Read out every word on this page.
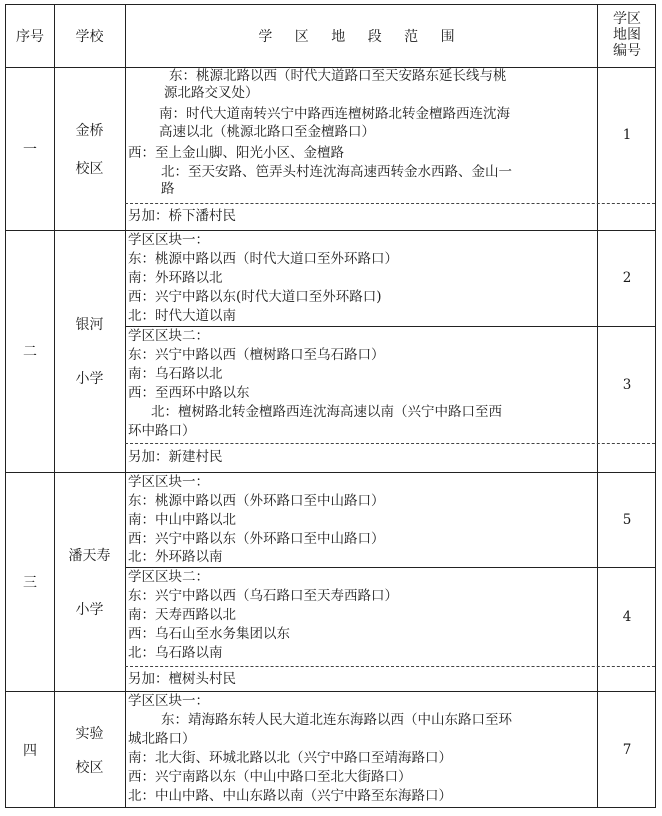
序号	学校	学 区 地 段 范 围
学区
地图
编号
一
金桥
校区
东：桃源北路以西（时代大道路口至天安路东延长线与桃
源北路交叉处）
南：时代大道南转兴宁中路西连檀树路北转金檀路西连沈海
高速以北（桃源北路口至金檀路口）
西：至上金山脚、阳光小区、金檀路
北：至天安路、笆弄头村连沈海高速西转金水西路、金山一
路
1
另加：桥下潘村民
二
银河
小学
学区区块一：
东：桃源中路以西（时代大道口至外环路口）
南：外环路以北
西：兴宁中路以东(时代大道口至外环路口)
北：时代大道以南
2
学区区块二：
东：兴宁中路以西（檀树路口至乌石路口）
南：乌石路以北
西：至西环中路以东
北：檀树路北转金檀路西连沈海高速以南（兴宁中路口至西
环中路口）
3
另加：新建村民
三
潘天寿
小学
学区区块一：
东：桃源中路以西（外环路口至中山路口）
南：中山中路以北
西：兴宁中路以东（外环路口至中山路口）
北：外环路以南
5
学区区块二：
东：兴宁中路以西（乌石路口至天寿西路口）
南：天寿西路以北
西：乌石山至水务集团以东
北：乌石路以南
4
另加：檀树头村民
四
实验
校区
学区区块一：
东：靖海路东转人民大道北连东海路以西（中山东路口至环
城北路口）
南：北大街、环城北路以北（兴宁中路口至靖海路口）
西：兴宁南路以东（中山中路口至北大街路口）
北：中山中路、中山东路以南（兴宁中路至东海路口）
7
